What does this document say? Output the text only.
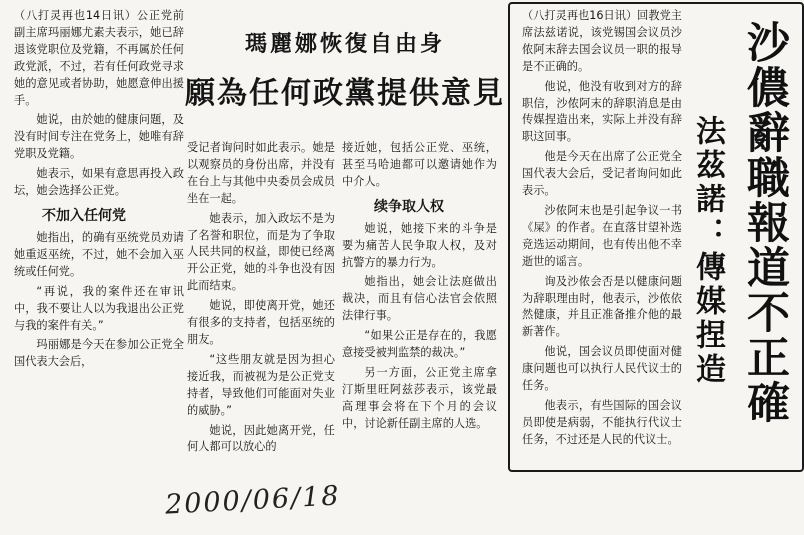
瑪麗娜恢復自由身
願為任何政黨提供意見

（八打灵再也14日讯）公正党前副主席玛丽娜尤素夫表示，她已辞退该党职位及党籍，不再属於任何政党派，不过，若有任何政党寻求她的意见或者协助，她愿意伸出援手。

她说，由於她的健康问题，及没有时间专注在党务上，她唯有辞党职及党籍。

她表示，如果有意思再投入政坛，她会选择公正党。

不加入任何党

她指出，的确有巫统党员劝请她重返巫统，不过，她不会加入巫统或任何党。

“再说，我的案件还在审讯中，我不要让人以为我退出公正党与我的案件有关。”

玛丽娜是今天在参加公正党全国代表大会后，

受记者询问时如此表示。她是以观察员的身份出席，并没有在台上与其他中央委员会成员坐在一起。

她表示，加入政坛不是为了名誉和职位，而是为了争取人民共同的权益，即使已经离开公正党，她的斗争也没有因此而结束。

她说，即使离开党，她还有很多的支持者，包括巫统的朋友。

“这些朋友就是因为担心接近我，而被视为是公正党支持者，导致他们可能面对失业的威胁。”

她说，因此她离开党，任何人都可以放心的

接近她，包括公正党、巫统，甚至马哈迪都可以邀请她作为中介人。

续争取人权

她说，她接下来的斗争是要为痛苦人民争取人权，及对抗警方的暴力行为。

她指出，她会让法庭做出裁决，而且有信心法官会依照法律行事。

“如果公正是存在的，我愿意接受被判监禁的裁决。”

另一方面，公正党主席拿汀斯里旺阿兹莎表示，该党最高理事会将在下个月的会议中，讨论新任副主席的人选。

（八打灵再也16日讯）回教党主席法兹诺说，该党锡国会议员沙侬阿末辞去国会议员一职的报导是不正确的。

他说，他没有收到对方的辞职信，沙侬阿末的辞职消息是由传媒捏造出来，实际上并没有辞职这回事。

他是今天在出席了公正党全国代表大会后，受记者询问如此表示。

沙侬阿末也是引起争议一书《屎》的作者。在直落甘望补选竞选运动期间，也有传出他不幸逝世的谣言。

询及沙侬会否是以健康问题为辞职理由时，他表示，沙侬依然健康，并且正准备推介他的最新著作。

他说，国会议员即使面对健康问题也可以执行人民代议士的任务。

他表示，有些国际的国会议员即使是病弱，不能执行代议士任务，不过还是人民的代议士。

沙儂辭職報道不正確
法茲諾：傳媒捏造
2000/06/18
